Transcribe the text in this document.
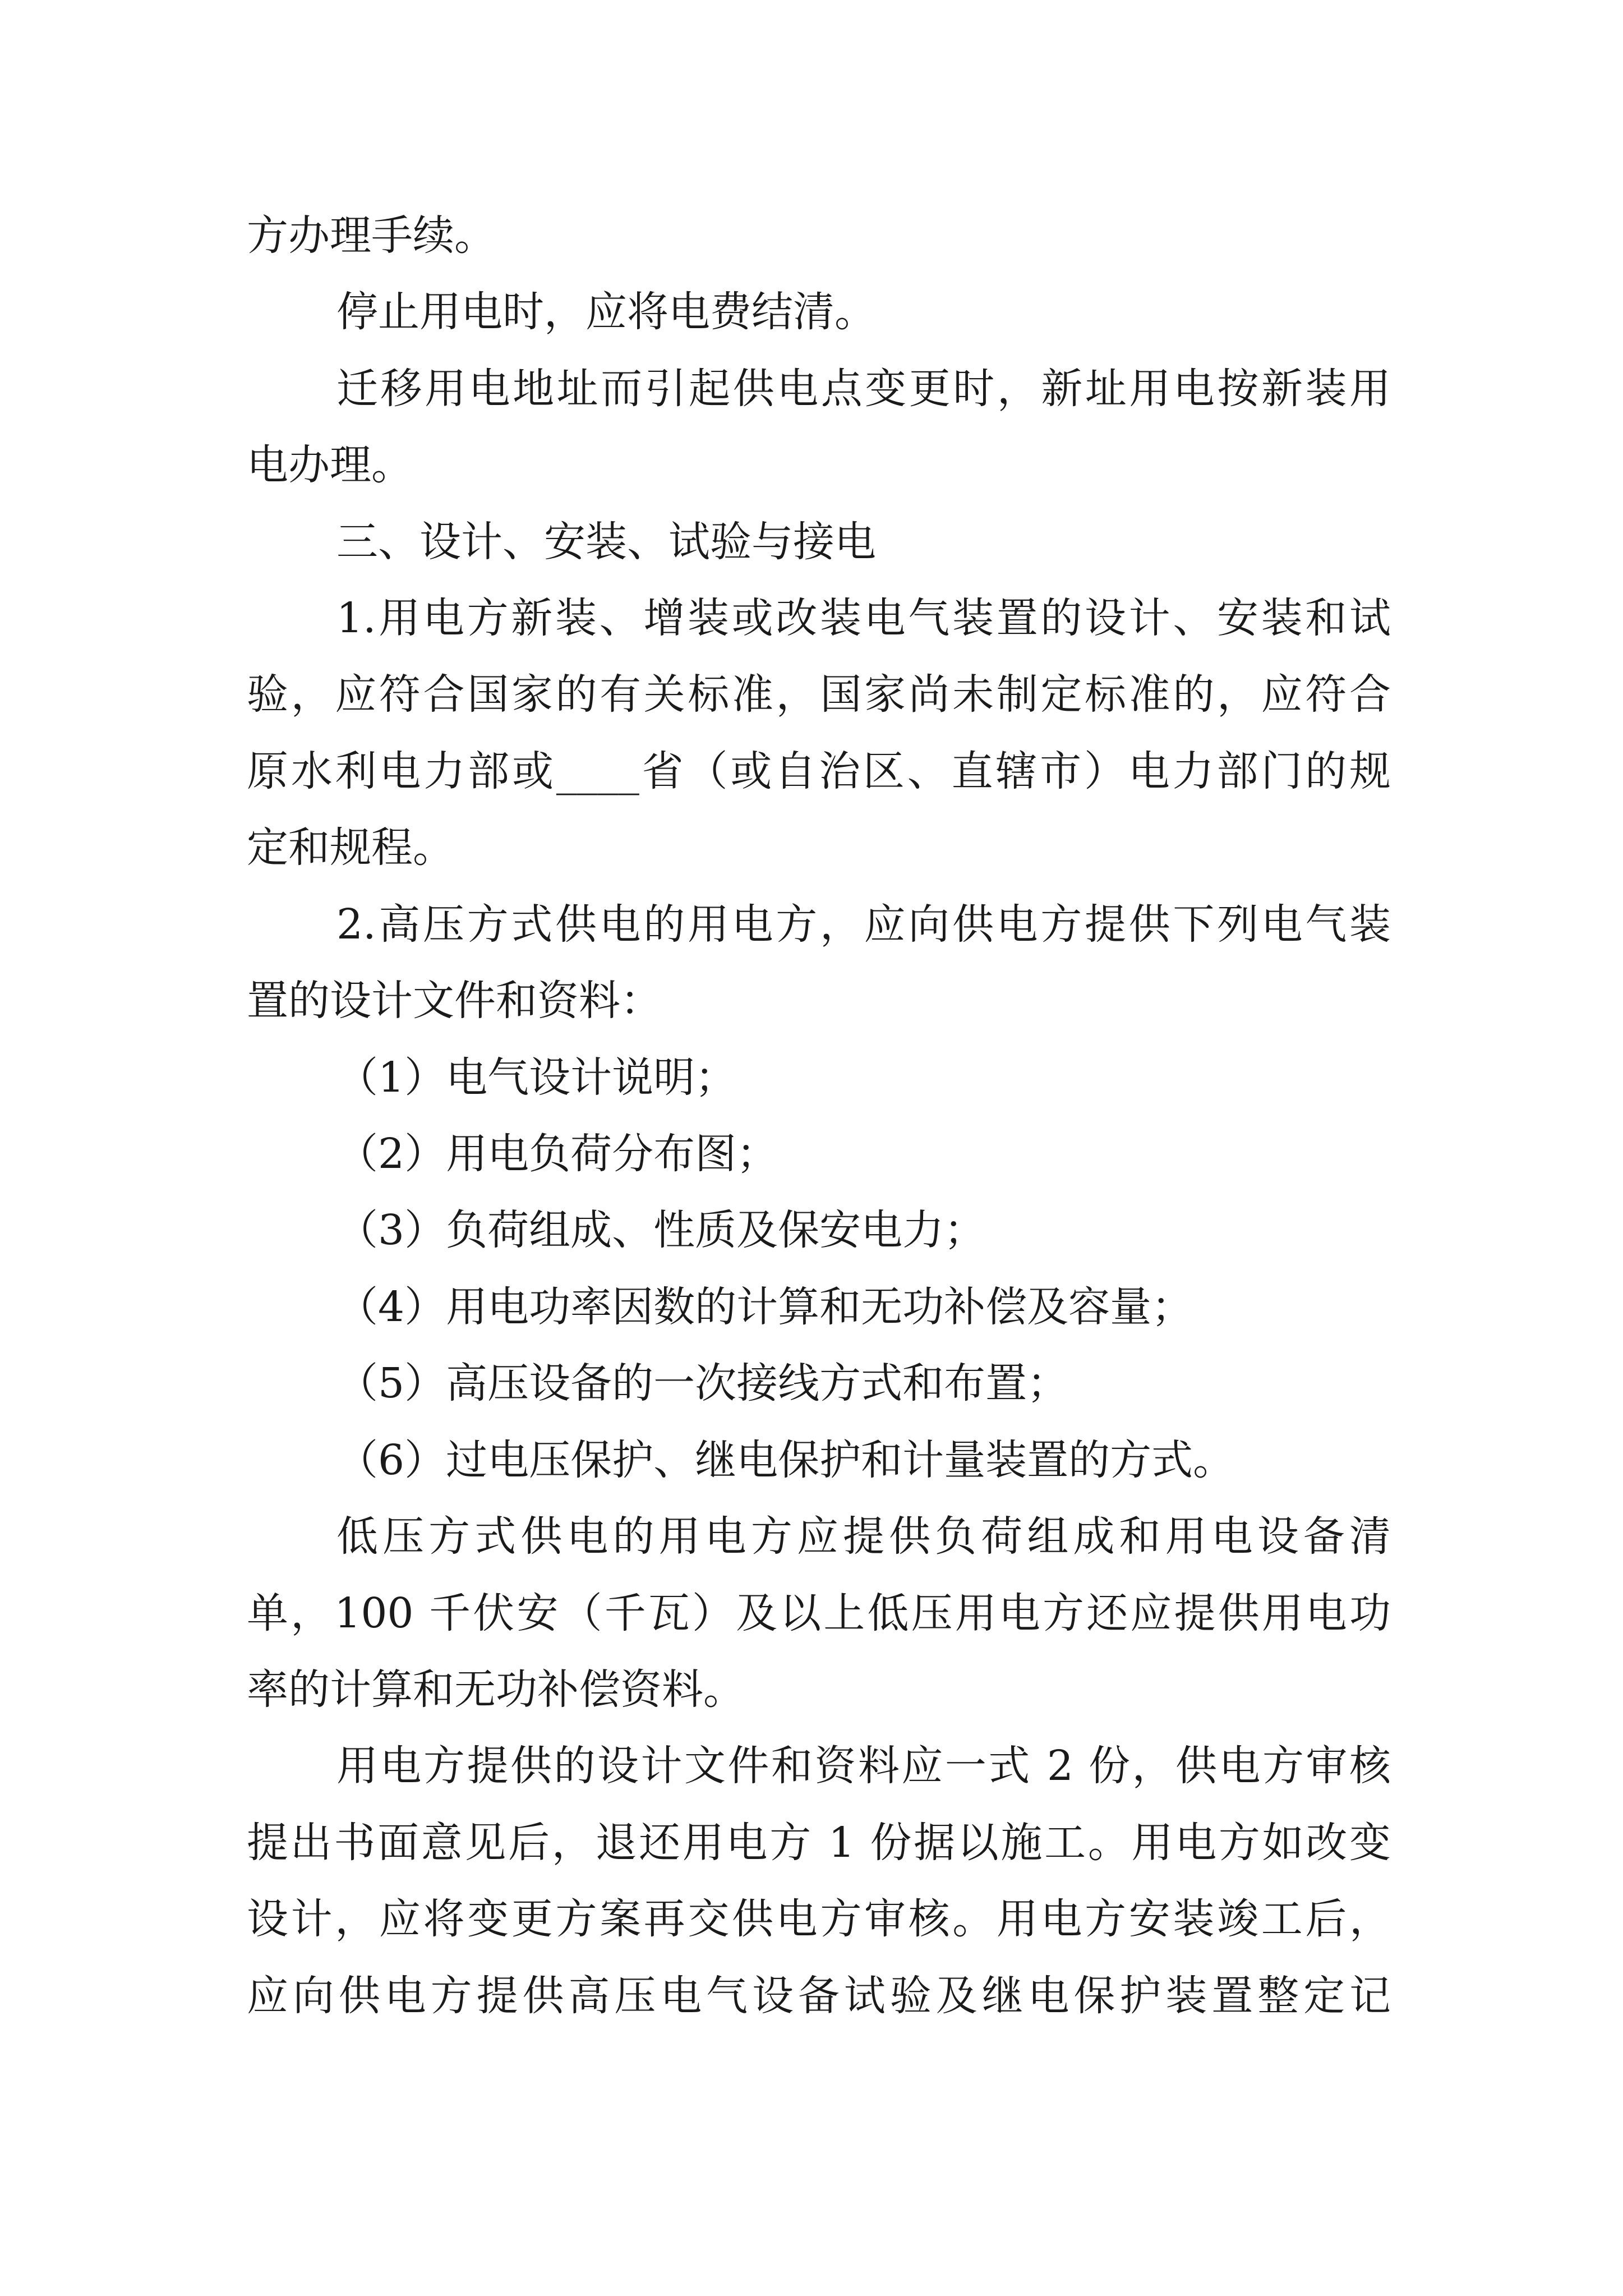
方办理手续。
停止用电时，应将电费结清。
迁移用电地址而引起供电点变更时，新址用电按新装用
电办理。
三、设计、安装、试验与接电
1.用电方新装、增装或改装电气装置的设计、安装和试
验，应符合国家的有关标准，国家尚未制定标准的，应符合
原水利电力部或____省（或自治区、直辖市）电力部门的规
定和规程。
2.高压方式供电的用电方，应向供电方提供下列电气装
置的设计文件和资料：
（1）电气设计说明；
（2）用电负荷分布图；
（3）负荷组成、性质及保安电力；
（4）用电功率因数的计算和无功补偿及容量；
（5）高压设备的一次接线方式和布置；
（6）过电压保护、继电保护和计量装置的方式。
低压方式供电的用电方应提供负荷组成和用电设备清
单，100 千伏安（千瓦）及以上低压用电方还应提供用电功
率的计算和无功补偿资料。
用电方提供的设计文件和资料应一式 2 份，供电方审核
提出书面意见后，退还用电方 1 份据以施工。用电方如改变
设计，应将变更方案再交供电方审核。用电方安装竣工后，
应向供电方提供高压电气设备试验及继电保护装置整定记
